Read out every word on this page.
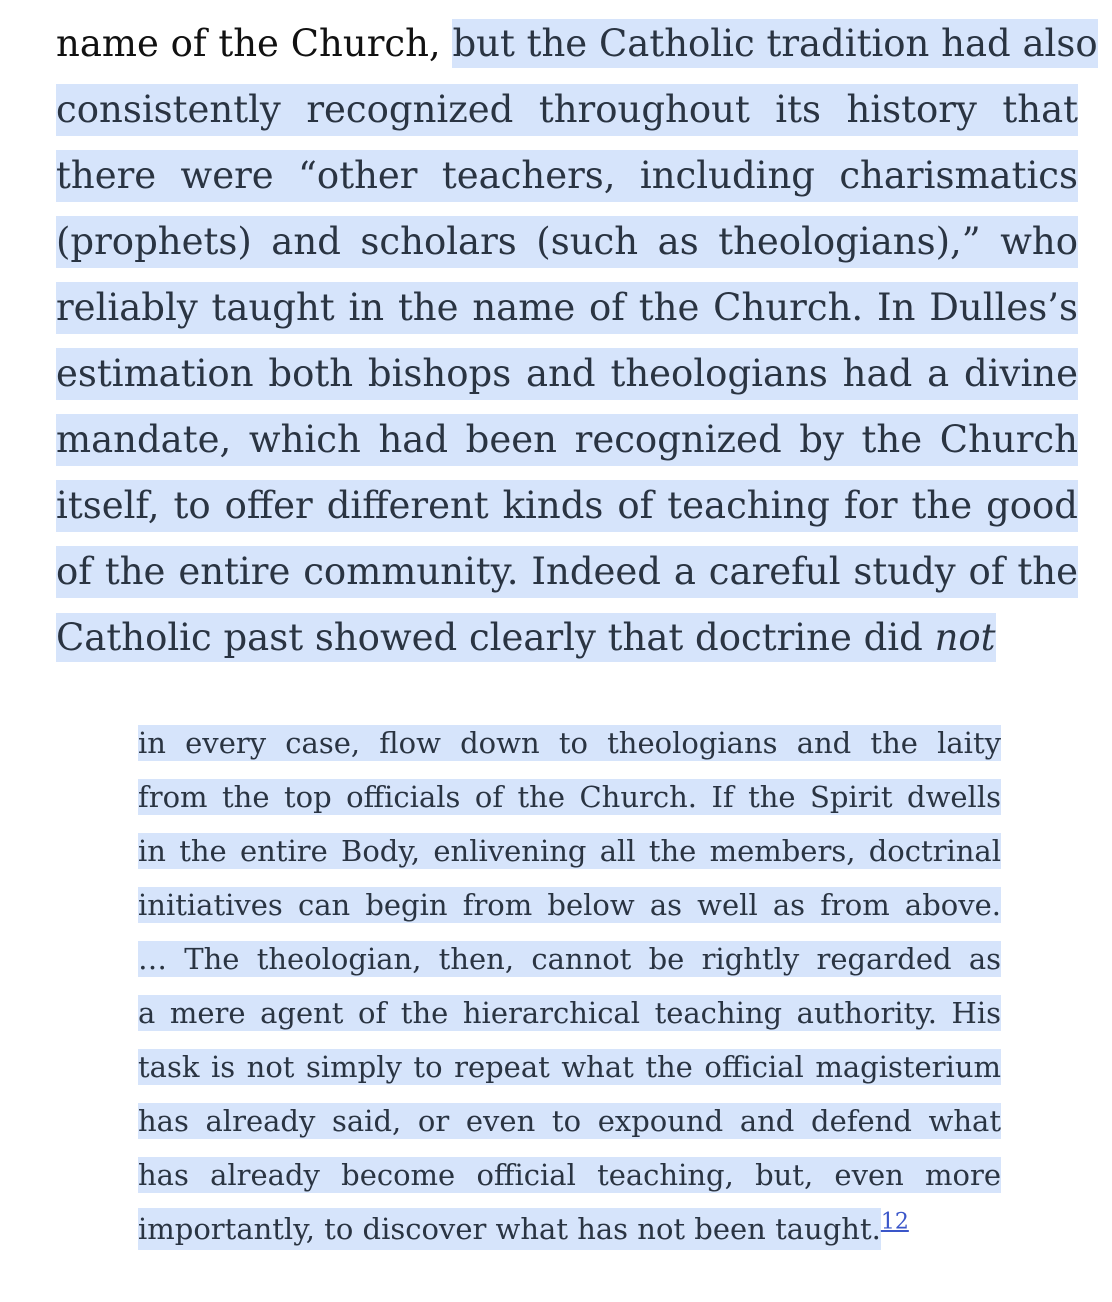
name of the Church, but the Catholic tradition had also
consistently recognized throughout its history that
there were “other teachers, including charismatics
(prophets) and scholars (such as theologians),” who
reliably taught in the name of the Church. In Dulles’s
estimation both bishops and theologians had a divine
mandate, which had been recognized by the Church
itself, to offer different kinds of teaching for the good
of the entire community. Indeed a careful study of the
Catholic past showed clearly that doctrine did not
in every case, flow down to theologians and the laity
from the top officials of the Church. If the Spirit dwells
in the entire Body, enlivening all the members, doctrinal
initiatives can begin from below as well as from above.
… The theologian, then, cannot be rightly regarded as
a mere agent of the hierarchical teaching authority. His
task is not simply to repeat what the official magisterium
has already said, or even to expound and defend what
has already become official teaching, but, even more
importantly, to discover what has not been taught.$^{12}$
